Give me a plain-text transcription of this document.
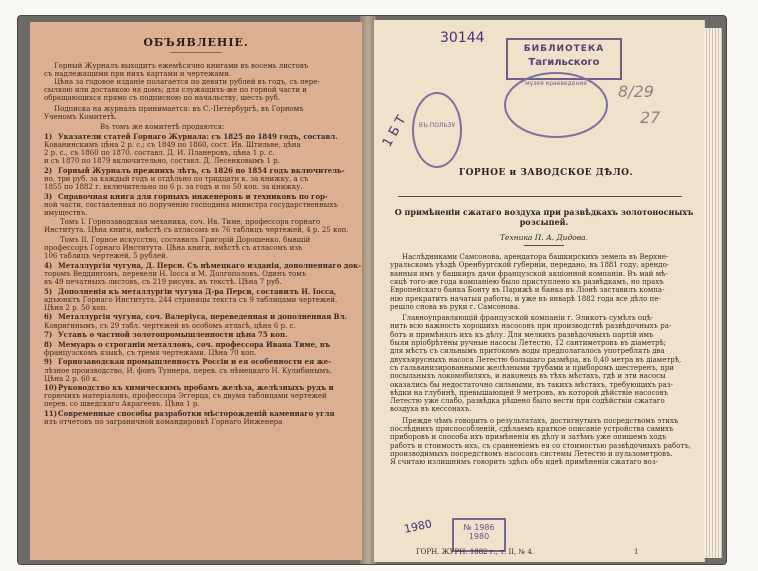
ОБЪЯВЛЕНІЕ.
Горный Журналъ выходитъ ежемѣсячно книгами въ восемь листовъ
съ надлежащими при нихъ картами и чертежами.
Цѣна за годовое изданіе полагается по девяти рублей въ годъ, съ пере-
сылкою или доставкою на домъ; для служащихъ-же по горной части и
обращающихся прямо съ подписною по начальству, шесть руб.
Подписка на журналъ принимается: въ С.-Петербургѣ, въ Горномъ
Ученомъ Комитетѣ.
Въ томъ же комитетѣ продаются:
1) Указатели статей Горнаго Журнала: съ 1825 по 1849 годъ, составл.
Кованинскимъ цѣна 2 р. с.; съ 1849 по 1860, сост. Ив. Штильве, цѣна
2 р. с., съ 1860 по 1870, составл. Д. И. Планеровъ, цѣна 1 р. с.
и съ 1870 по 1879 включительно, составл. Д. Лесенковымъ 1 р.
2) Горный Журналъ прежнихъ лѣтъ, съ 1826 по 1854 годъ включитель-
но, три руб. за каждый годъ и отдѣльно по тридцати к. за книжку, а съ
1855 по 1882 г. включительно по 6 р. за годъ и по 50 коп. за книжку.
3) Справочная книга для горныхъ инженеровъ и техниковъ по гор-
ной части, составленная по порученію господина министра государственныхъ
имуществъ.
Томъ I. Горнозаводская механика, соч. Ив. Тиме, профессора горнаго
Института. Цѣна книги, вмѣстѣ съ атласомъ въ 76 таблицъ чертежей, 4 р. 25 коп.
Томъ II. Горное искусство, составилъ Григорій Дорошенко, бывшій
профессоръ Горнаго Института. Цѣна книги, вмѣстѣ съ атласомъ изъ
106 таблицъ чертежей, 5 рублей.
4) Металлургія чугуна, Д. Перси. Съ нѣмецкаго изданія, дополненнаго док-
торомъ Веддингомъ, перевели Н. Іосса и М. Долгополовъ. Одинъ томъ
въ 49 печатныхъ листовъ, съ 219 рисунк. въ текстѣ. Цѣна 7 руб.
5) Дополненія къ металлургіи чугуна Д-ра Перси, составилъ Н. Іосса,
адъюнктъ Горнаго Института. 244 страницы текста съ 9 таблицами чертежей.
Цѣна 2 р. 50 коп.
6) Металлургія чугуна, соч. Валерiуса, переведенная и дополненная Вл.
Ковригинымъ, съ 29 табл. чертежей въ особомъ атласѣ, цѣна 6 р. с.
7) Уставъ о частной золотопромышленности цѣна 75 коп.
8) Мемуаръ о строганіи металловъ, соч. профессора Ивана Тиме, въ
французскомъ языкѣ, съ тремя чертежами. Цѣна 70 коп.
9) Горнозаводская промышленность Россіи и ея особенности ея же-
лѣзное производство, И. фонъ Туннера, перев. съ нѣмецкаго Н. Кулибинымъ.
Цѣна 2 р. 60 к.
10) Руководство къ химическимъ пробамъ желѣза, желѣзныхъ рудъ и
горючихъ матеріаловъ, профессора Эггерца, съ двумя таблицами чертежей
перев. со шведскаго Акрагеевъ. Цѣна 1 р.
11) Современные способы разработки мѣсторожденій каменнаго угля
изъ отчетовъ по заграничной командировкѣ Горнаго Инженера
30144
БИБЛИОТЕКА
Тагильского
музея краеведения	8/29
27
ВЪ ПОЛЬЗУ
1 Б Т
ГОРНОЕ и ЗАВОДСКОЕ ДѢЛО.
О примѣненіи сжатаго воздуха при развѣдкахъ золотоносныхъ розсыпей.
Техника П. А. Дидова.
1980	№ 1986
1980
ГОРН. ЖУРН. 1882 г., т. II, № 4.	1
Наслѣдниками Самсонова, арендатора башкирскихъ земель въ Верхне-
уральскомъ уѣздѣ Оренбургской губерніи, передано, въ 1881 году, арендо-
ванныя имъ у башкиръ дачи французской акціонной компаніи. Въ май мѣ-
сяцѣ того-же года компаніею было приступлено къ развѣдкамъ, но прахъ
Европейскаго банка Бонту въ Парижѣ и банка въ Ліонѣ заставилъ компа-
нію прекратить начатыя работы, и уже въ январѣ 1882 года все дѣло пе-
решло снова въ руки г. Самсонова.
Главноуправляющій французской компаніи г. Эликотъ сумѣлъ оцѣ-
нить всю важность хорошихъ насосовъ при производствѣ развѣдочныхъ ра-
ботъ и примѣнялъ ихъ къ дѣлу. Для мелкихъ развѣдочныхъ партій имъ
были пріобрѣтены ручные насосы Летестю, 12 сантиметровъ въ діаметрѣ;
для мѣстъ съ сильнымъ притокомъ воды предполагалось употреблять два
двухъярусныхъ насоса Летестю большаго размѣра, въ 0,40 метра въ діаметрѣ,
съ гальванизированными желѣзными трубами и приборомъ шестеренъ, при
посыльныхъ локомобиляхъ, и наконецъ въ тѣхъ мѣстахъ, гдѣ и эти насосы
оказались бы недостаточно сильными, въ такихъ мѣстахъ, требующихъ раз-
вѣдки на глубинѣ, превышающей 9 метровъ, въ которой дѣйствіе насосовъ
Летестю уже слабо, развѣдка рѣшено было вести при содѣйствіи сжатаго
воздуха въ кессонахъ.
Прежде чѣмъ говорить о результатахъ, достигнутыхъ посредствомъ этихъ
послѣднихъ приспособленій, сдѣлаемъ краткое описаніе устройства самихъ
приборовъ и способа ихъ примѣненія въ дѣлу и затѣмъ уже опишемъ ходъ
работъ и стоимость ихъ, съ сравненіемъ ея со стоимостью развѣдочныхъ работъ,
производимыхъ посредствомъ насосовъ системы Летестю и пульзометровъ.
Я считаю излишнимъ говорить здѣсь объ идеѣ примѣненія сжатаго воз-
